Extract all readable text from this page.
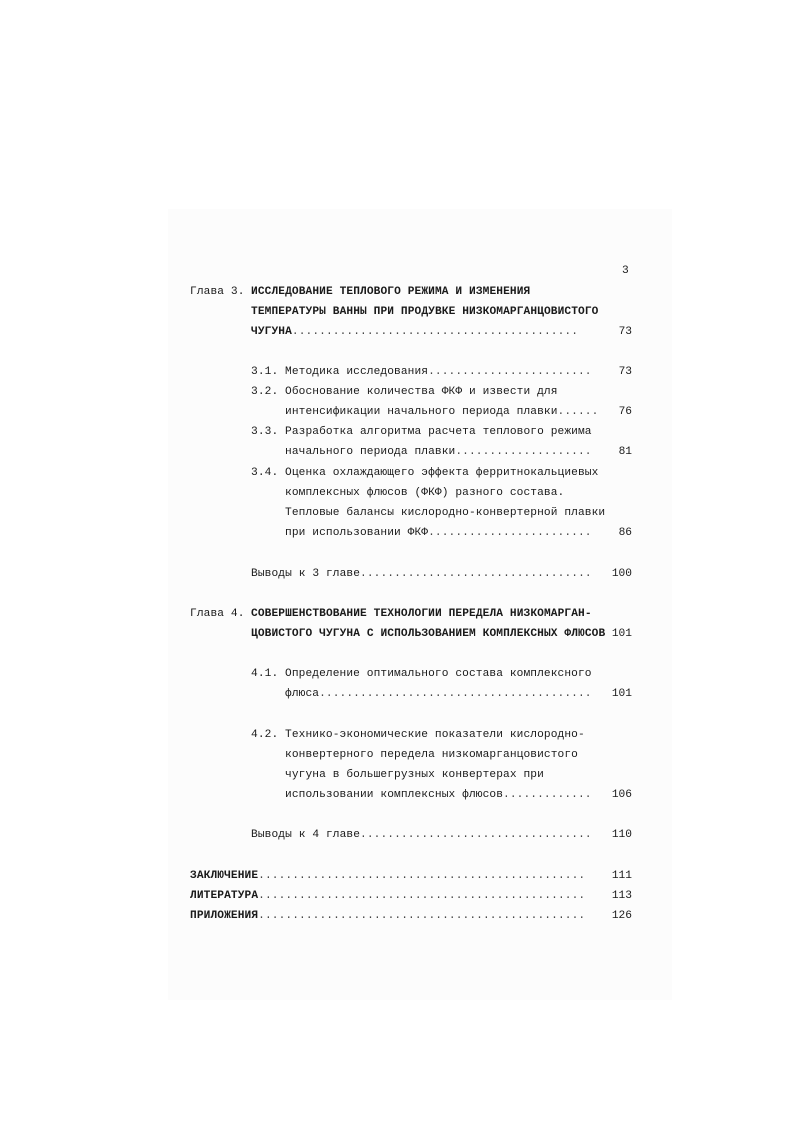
3
Глава 3. ИССЛЕДОВАНИЕ ТЕПЛОВОГО РЕЖИМА И ИЗМЕНЕНИЯ
ТЕМПЕРАТУРЫ ВАННЫ ПРИ ПРОДУВКЕ НИЗКОМАРГАНЦОВИСТОГО
ЧУГУНА..........................................	73
3.1. Методика исследования........................	73
3.2. Обоснование количества ФКФ и извести для
интенсификации начального периода плавки......	76
3.3. Разработка алгоритма расчета теплового режима
начального периода плавки....................	81
3.4. Оценка охлаждающего эффекта ферритнокальциевых
комплексных флюсов (ФКФ) разного состава.
Тепловые балансы кислородно-конвертерной плавки
при использовании ФКФ........................	86
Выводы к 3 главе..................................	100
Глава 4. СОВЕРШЕНСТВОВАНИЕ ТЕХНОЛОГИИ ПЕРЕДЕЛА НИЗКОМАРГАН-
ЦОВИСТОГО ЧУГУНА С ИСПОЛЬЗОВАНИЕМ КОМПЛЕКСНЫХ ФЛЮСОВ 101
4.1. Определение оптимального состава комплексного
флюса........................................	101
4.2. Технико-экономические показатели кислородно-
конвертерного передела низкомарганцовистого
чугуна в большегрузных конвертерах при
использовании комплексных флюсов.............	106
Выводы к 4 главе..................................	110
ЗАКЛЮЧЕНИЕ................................................	111
ЛИТЕРАТУРА................................................	113
ПРИЛОЖЕНИЯ................................................	126
